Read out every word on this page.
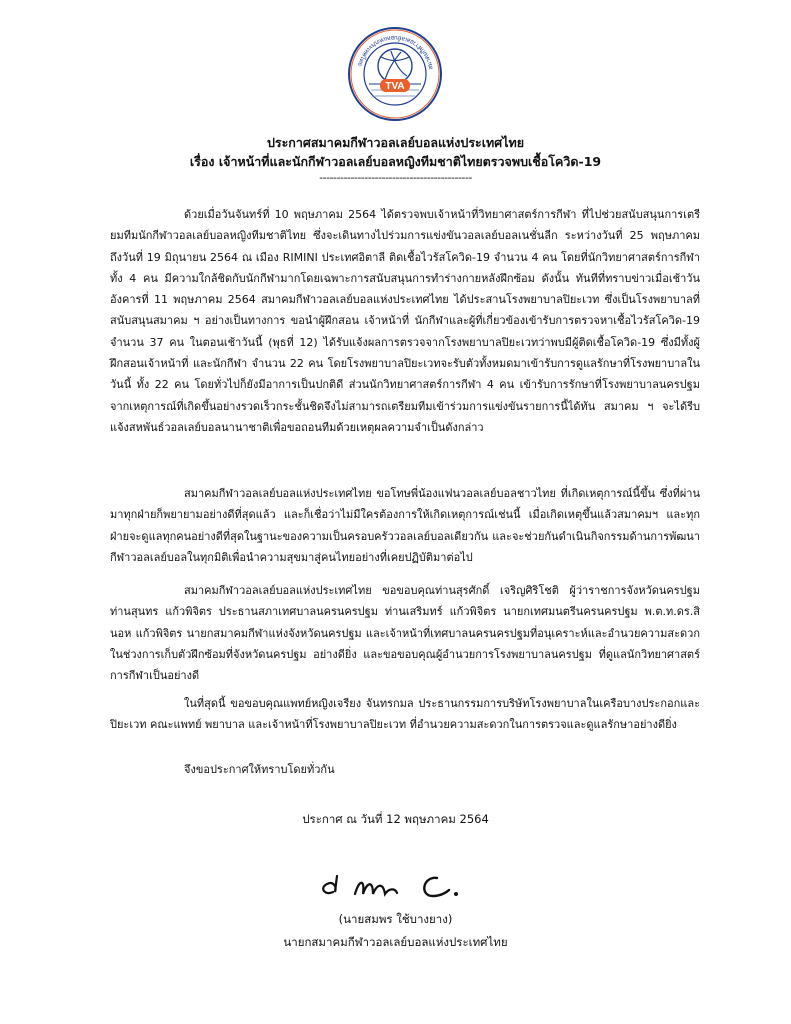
TVA
สมาคมกีฬาวอลเลย์บอลแห่งประเทศไทย
ประกาศสมาคมกีฬาวอลเลย์บอลแห่งประเทศไทย
เรื่อง เจ้าหน้าที่และนักกีฬาวอลเลย์บอลหญิงทีมชาติไทยตรวจพบเชื้อโควิด-19
--------------------------------------------
ด้วยเมื่อวันจันทร์ที่ 10 พฤษภาคม 2564 ได้ตรวจพบเจ้าหน้าที่วิทยาศาสตร์การกีฬา ที่ไปช่วยสนับสนุนการเตรียมทีมนักกีฬาวอลเลย์บอลหญิงทีมชาติไทย ซึ่งจะเดินทางไปร่วมการแข่งขันวอลเลย์บอลเนชั่นลีก ระหว่างวันที่ 25 พฤษภาคม ถึงวันที่ 19 มิถุนายน 2564 ณ เมือง RIMINI ประเทศอิตาลี ติดเชื้อไวรัสโควิด-19 จำนวน 4 คน โดยที่นักวิทยาศาสตร์การกีฬาทั้ง 4 คน มีความใกล้ชิดกับนักกีฬามากโดยเฉพาะการสนับสนุนการทำร่างกายหลังฝึกซ้อม ดังนั้น ทันทีที่ทราบข่าวเมื่อเช้าวันอังคารที่ 11 พฤษภาคม 2564 สมาคมกีฬาวอลเลย์บอลแห่งประเทศไทย ได้ประสานโรงพยาบาลปิยะเวท ซึ่งเป็นโรงพยาบาลที่สนับสนุนสมาคม ฯ อย่างเป็นทางการ ขอนำผู้ฝึกสอน เจ้าหน้าที่ นักกีฬาและผู้ที่เกี่ยวข้องเข้ารับการตรวจหาเชื้อไวรัสโควิด-19 จำนวน 37 คน ในตอนเช้าวันนี้ (พุธที่ 12) ได้รับแจ้งผลการตรวจจากโรงพยาบาลปิยะเวทว่าพบมีผู้ติดเชื้อโควิด-19 ซึ่งมีทั้งผู้ฝึกสอนเจ้าหน้าที่ และนักกีฬา จำนวน 22 คน โดยโรงพยาบาลปิยะเวทจะรับตัวทั้งหมดมาเข้ารับการดูแลรักษาที่โรงพยาบาลในวันนี้ ทั้ง 22 คน โดยทั่วไปก็ยังมีอาการเป็นปกติดี ส่วนนักวิทยาศาสตร์การกีฬา 4 คน เข้ารับการรักษาที่โรงพยาบาลนครปฐม จากเหตุการณ์ที่เกิดขึ้นอย่างรวดเร็วกระชั้นชิดจึงไม่สามารถเตรียมทีมเข้าร่วมการแข่งขันรายการนี้ได้ทัน สมาคม ฯ จะได้รีบแจ้งสหพันธ์วอลเลย์บอลนานาชาติเพื่อขอถอนทีมด้วยเหตุผลความจำเป็นดังกล่าว
สมาคมกีฬาวอลเลย์บอลแห่งประเทศไทย ขอโทษพี่น้องแฟนวอลเลย์บอลชาวไทย ที่เกิดเหตุการณ์นี้ขึ้น ซึ่งที่ผ่านมาทุกฝ่ายก็พยายามอย่างดีที่สุดแล้ว และก็เชื่อว่าไม่มีใครต้องการให้เกิดเหตุการณ์เช่นนี้ เมื่อเกิดเหตุขึ้นแล้วสมาคมฯ และทุกฝ่ายจะดูแลทุกคนอย่างดีที่สุดในฐานะของความเป็นครอบครัววอลเลย์บอลเดียวกัน และจะช่วยกันดำเนินกิจกรรมด้านการพัฒนากีฬาวอลเลย์บอลในทุกมิติเพื่อนำความสุขมาสู่คนไทยอย่างที่เคยปฏิบัติมาต่อไป
สมาคมกีฬาวอลเลย์บอลแห่งประเทศไทย ขอขอบคุณท่านสุรศักดิ์ เจริญศิริโชติ ผู้ว่าราชการจังหวัดนครปฐม ท่านสุนทร แก้วพิจิตร ประธานสภาเทศบาลนครนครปฐม ท่านเสริมทร์ แก้วพิจิตร นายกเทศมนตรีนครนครปฐม พ.ต.ท.ดร.สินอห แก้วพิจิตร นายกสมาคมกีฬาแห่งจังหวัดนครปฐม และเจ้าหน้าที่เทศบาลนครนครปฐมที่อนุเคราะห์และอำนวยความสะดวกในช่วงการเก็บตัวฝึกซ้อมที่จังหวัดนครปฐม อย่างดียิ่ง และขอขอบคุณผู้อำนวยการโรงพยาบาลนครปฐม ที่ดูแลนักวิทยาศาสตร์การกีฬาเป็นอย่างดี
ในที่สุดนี้ ขอขอบคุณแพทย์หญิงเจรียง จันทรกมล ประธานกรรมการบริษัทโรงพยาบาลในเครือบางประกอกและปิยะเวท คณะแพทย์ พยาบาล และเจ้าหน้าที่โรงพยาบาลปิยะเวท ที่อำนวยความสะดวกในการตรวจและดูแลรักษาอย่างดียิ่ง
จึงขอประกาศให้ทราบโดยทั่วกัน
ประกาศ ณ วันที่ 12 พฤษภาคม 2564
(นายสมพร ใช้บางยาง)
นายกสมาคมกีฬาวอลเลย์บอลแห่งประเทศไทย
